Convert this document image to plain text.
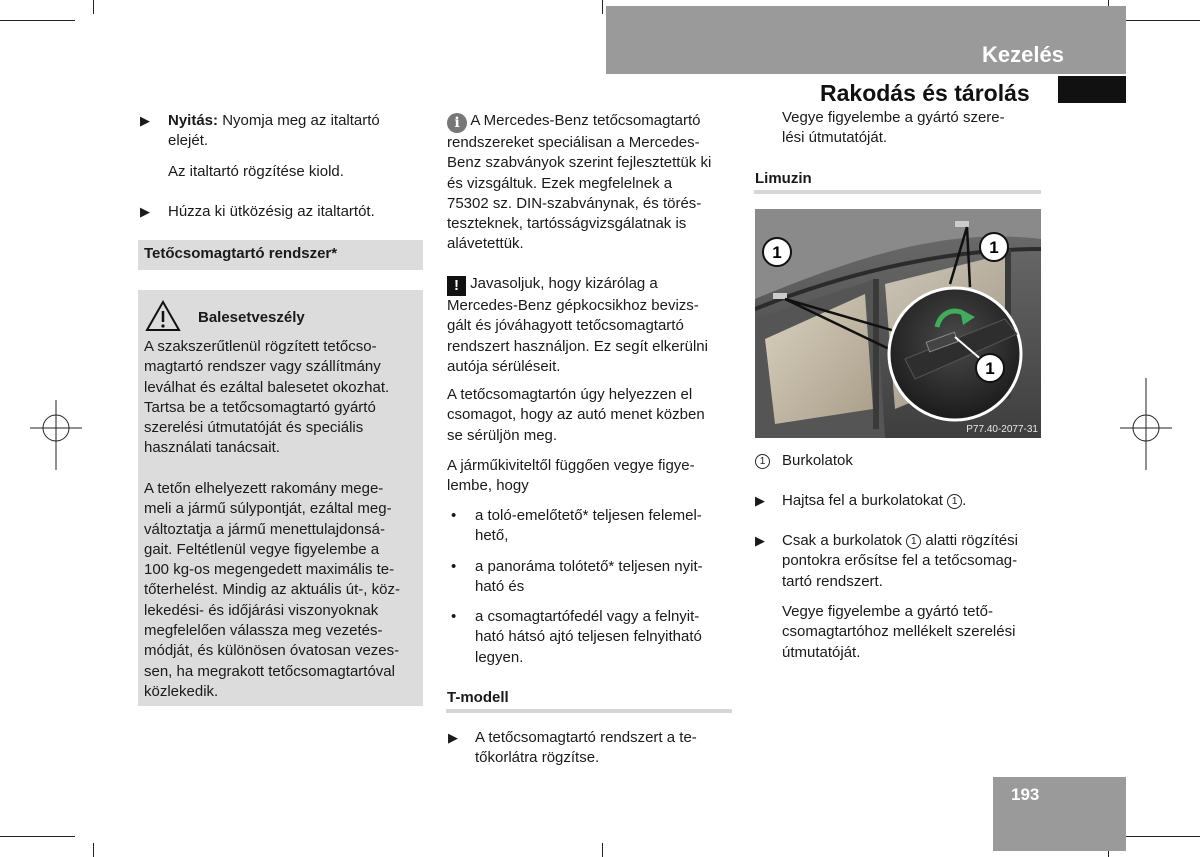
Kezelés
Rakodás és tárolás
▶ Nyitás: Nyomja meg az italtartó
elejét.
Az italtartó rögzítése kiold.
▶ Húzza ki ütközésig az italtartót.
Tetőcsomagtartó rendszer*
Balesetveszély
A szakszerűtlenül rögzített tetőcso-
magtartó rendszer vagy szállítmány
leválhat és ezáltal balesetet okozhat.
Tartsa be a tetőcsomagtartó gyártó
szerelési útmutatóját és speciális
használati tanácsait.
A tetőn elhelyezett rakomány mege-
meli a jármű súlypontját, ezáltal meg-
változtatja a jármű menettulajdonsá-
gait. Feltétlenül vegye figyelembe a
100 kg-os megengedett maximális te-
tőterhelést. Mindig az aktuális út-, köz-
lekedési- és időjárási viszonyoknak
megfelelően válassza meg vezetés-
módját, és különösen óvatosan vezes-
sen, ha megrakott tetőcsomagtartóval
közlekedik.
i A Mercedes-Benz tetőcsomagtartó
rendszereket speciálisan a Mercedes-
Benz szabványok szerint fejlesztettük ki
és vizsgáltuk. Ezek megfelelnek a
75302 sz. DIN-szabványnak, és törés-
teszteknek, tartósságvizsgálatnak is
alávetettük.
! Javasoljuk, hogy kizárólag a
Mercedes-Benz gépkocsikhoz bevizs-
gált és jóváhagyott tetőcsomagtartó
rendszert használjon. Ez segít elkerülni
autója sérüléseit.
A tetőcsomagtartón úgy helyezzen el
csomagot, hogy az autó menet közben
se sérüljön meg.
A járműkiviteltől függően vegye figye-
lembe, hogy
• a toló-emelőtető* teljesen felemel-
hető,
• a panoráma tolótető* teljesen nyit-
ható és
• a csomagtartófedél vagy a felnyit-
ható hátsó ajtó teljesen felnyitható
legyen.
T-modell
▶ A tetőcsomagtartó rendszert a te-
tőkorlátra rögzítse.
Vegye figyelembe a gyártó szere-
lési útmutatóját.
Limuzin
1	1
1
P77.40-2077-31
1	Burkolatok
▶ Hajtsa fel a burkolatokat 1 .
▶ Csak a burkolatok 1 alatti rögzítési
pontokra erősítse fel a tetőcsomag-
tartó rendszert.
Vegye figyelembe a gyártó tető-
csomagtartóhoz mellékelt szerelési
útmutatóját.
193
